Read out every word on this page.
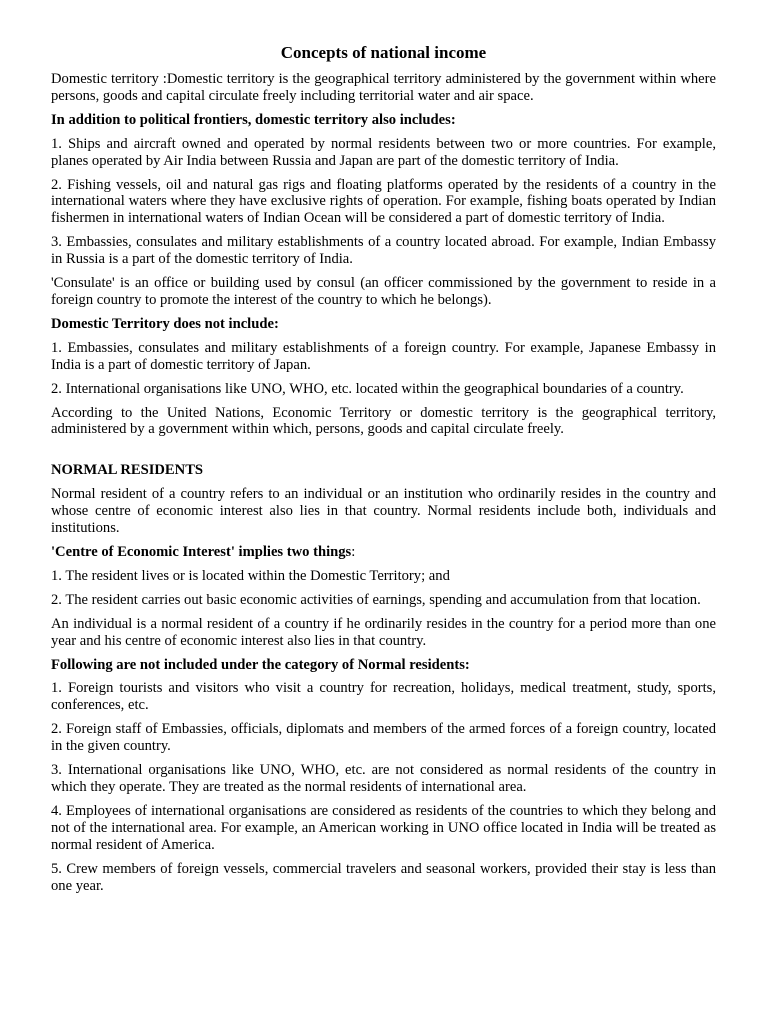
Concepts of national income

Domestic territory :Domestic territory is the geographical territory administered by the government within where persons, goods and capital circulate freely including territorial water and air space.

In addition to political frontiers, domestic territory also includes:

1. Ships and aircraft owned and operated by normal residents between two or more countries. For example, planes operated by Air India between Russia and Japan are part of the domestic territory of India.

2. Fishing vessels, oil and natural gas rigs and floating platforms operated by the residents of a country in the international waters where they have exclusive rights of operation. For example, fishing boats operated by Indian fishermen in international waters of Indian Ocean will be considered a part of domestic territory of India.

3. Embassies, consulates and military establishments of a country located abroad. For example, Indian Embassy in Russia is a part of the domestic territory of India.

'Consulate' is an office or building used by consul (an officer commissioned by the government to reside in a foreign country to promote the interest of the country to which he belongs).

Domestic Territory does not include:

1. Embassies, consulates and military establishments of a foreign country. For example, Japanese Embassy in India is a part of domestic territory of Japan.

2. International organisations like UNO, WHO, etc. located within the geographical boundaries of a country.

According to the United Nations, Economic Territory or domestic territory is the geographical territory, administered by a government within which, persons, goods and capital circulate freely.

NORMAL RESIDENTS

Normal resident of a country refers to an individual or an institution who ordinarily resides in the country and whose centre of economic interest also lies in that country. Normal residents include both, individuals and institutions.

'Centre of Economic Interest' implies two things:

1. The resident lives or is located within the Domestic Territory; and

2. The resident carries out basic economic activities of earnings, spending and accumulation from that location.

An individual is a normal resident of a country if he ordinarily resides in the country for a period more than one year and his centre of economic interest also lies in that country.

Following are not included under the category of Normal residents:

1. Foreign tourists and visitors who visit a country for recreation, holidays, medical treatment, study, sports, conferences, etc.

2. Foreign staff of Embassies, officials, diplomats and members of the armed forces of a foreign country, located in the given country.

3. International organisations like UNO, WHO, etc. are not considered as normal residents of the country in which they operate. They are treated as the normal residents of international area.

4. Employees of international organisations are considered as residents of the countries to which they belong and not of the international area. For example, an American working in UNO office located in India will be treated as normal resident of America.

5. Crew members of foreign vessels, commercial travelers and seasonal workers, provided their stay is less than one year.
